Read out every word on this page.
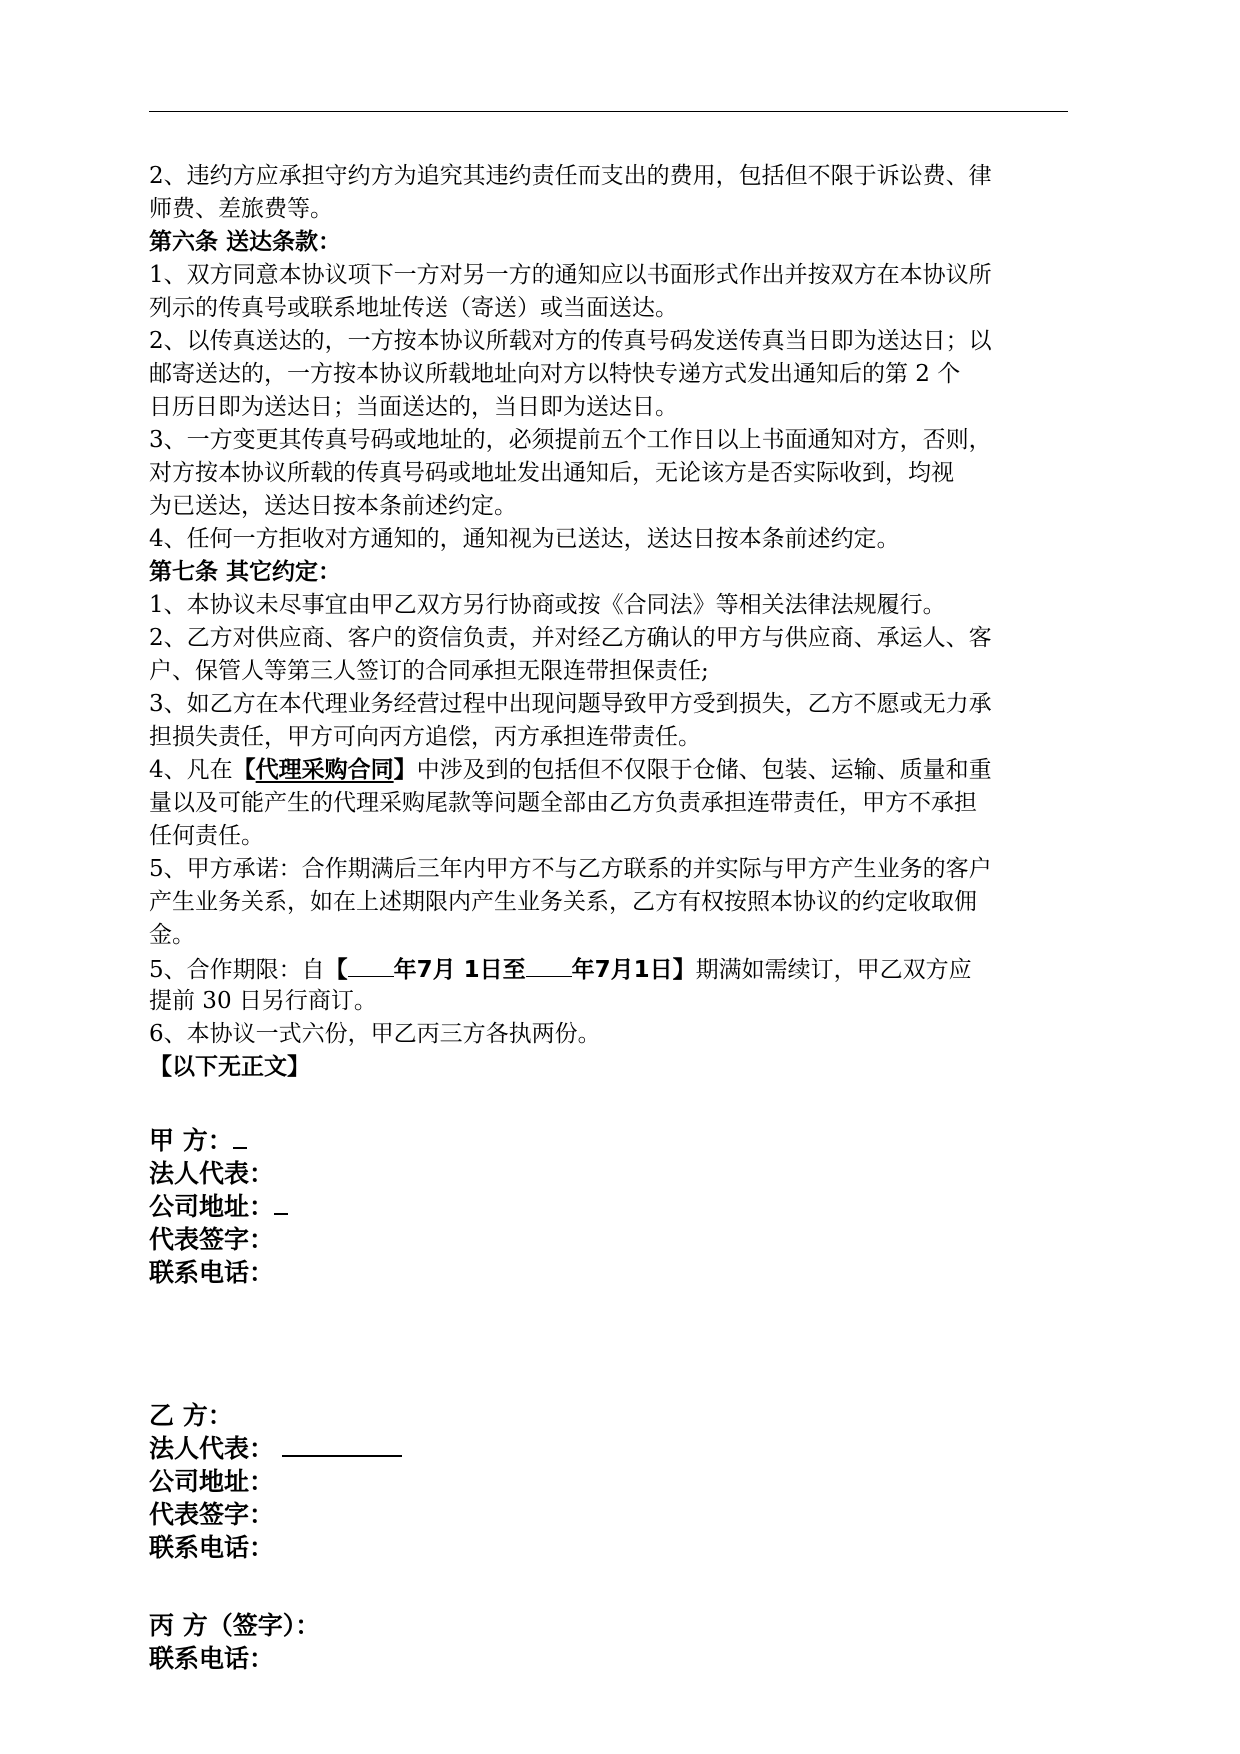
2、违约方应承担守约方为追究其违约责任而支出的费用，包括但不限于诉讼费、律
师费、差旅费等。
第六条 送达条款：
1、双方同意本协议项下一方对另一方的通知应以书面形式作出并按双方在本协议所
列示的传真号或联系地址传送（寄送）或当面送达。
2、以传真送达的，一方按本协议所载对方的传真号码发送传真当日即为送达日；以
邮寄送达的，一方按本协议所载地址向对方以特快专递方式发出通知后的第 2 个
日历日即为送达日；当面送达的，当日即为送达日。
3、一方变更其传真号码或地址的，必须提前五个工作日以上书面通知对方，否则，
对方按本协议所载的传真号码或地址发出通知后，无论该方是否实际收到，均视
为已送达，送达日按本条前述约定。
4、任何一方拒收对方通知的，通知视为已送达，送达日按本条前述约定。
第七条 其它约定：
1、本协议未尽事宜由甲乙双方另行协商或按《合同法》等相关法律法规履行。
2、乙方对供应商、客户的资信负责，并对经乙方确认的甲方与供应商、承运人、客
户、保管人等第三人签订的合同承担无限连带担保责任;
3、如乙方在本代理业务经营过程中出现问题导致甲方受到损失，乙方不愿或无力承
担损失责任，甲方可向丙方追偿，丙方承担连带责任。
4、凡在【代理采购合同】中涉及到的包括但不仅限于仓储、包装、运输、质量和重
量以及可能产生的代理采购尾款等问题全部由乙方负责承担连带责任，甲方不承担
任何责任。
5、甲方承诺：合作期满后三年内甲方不与乙方联系的并实际与甲方产生业务的客户
产生业务关系，如在上述期限内产生业务关系，乙方有权按照本协议的约定收取佣
金。
5、合作期限：自【 年7月 1日至 年7月1日】期满如需续订，甲乙双方应
提前 30 日另行商订。
6、本协议一式六份，甲乙丙三方各执两份。
【以下无正文】
甲 方：
法人代表：
公司地址：
代表签字：
联系电话：
乙 方：
法人代表：
公司地址：
代表签字：
联系电话：
丙 方（签字）：
联系电话：
